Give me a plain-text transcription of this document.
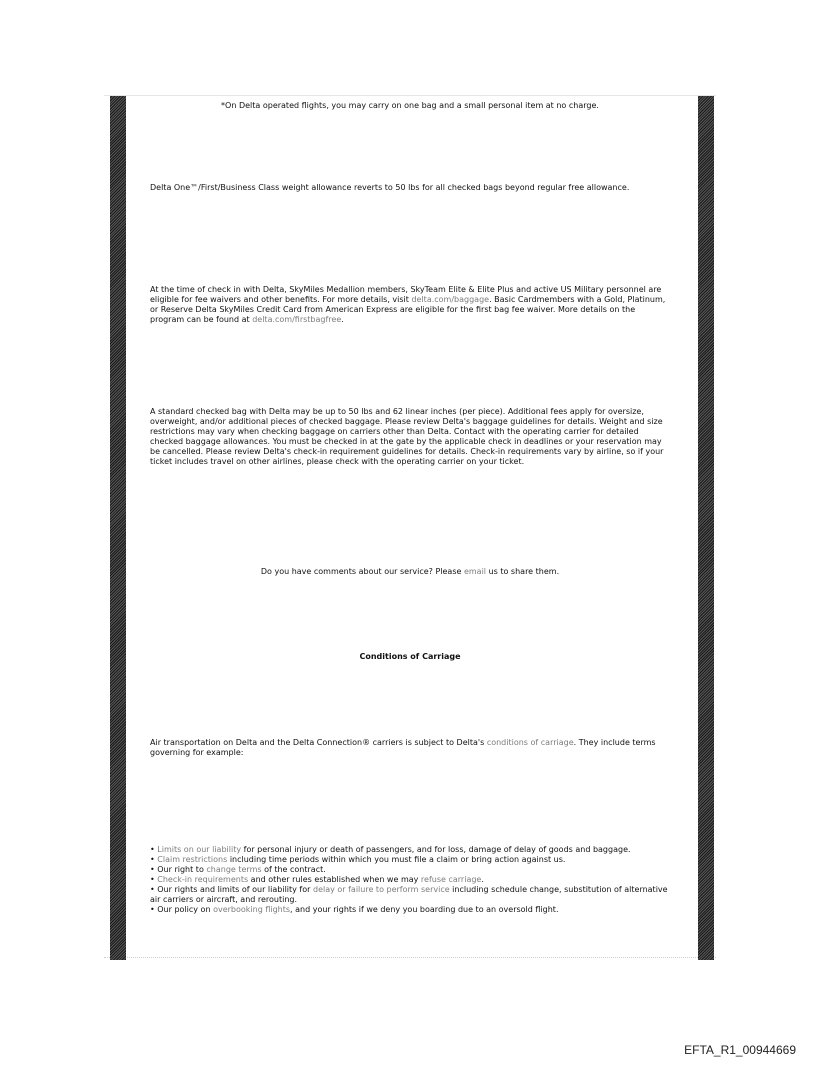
*On Delta operated flights, you may carry on one bag and a small personal item at no charge.
Delta One™/First/Business Class weight allowance reverts to 50 lbs for all checked bags beyond regular free allowance.
At the time of check in with Delta, SkyMiles Medallion members, SkyTeam Elite & Elite Plus and active US Military personnel are eligible for fee waivers and other benefits. For more details, visit delta.com/baggage. Basic Cardmembers with a Gold, Platinum, or Reserve Delta SkyMiles Credit Card from American Express are eligible for the first bag fee waiver. More details on the program can be found at delta.com/firstbagfree.
A standard checked bag with Delta may be up to 50 lbs and 62 linear inches (per piece). Additional fees apply for oversize, overweight, and/or additional pieces of checked baggage. Please review Delta's baggage guidelines for details. Weight and size restrictions may vary when checking baggage on carriers other than Delta. Contact with the operating carrier for detailed checked baggage allowances. You must be checked in at the gate by the applicable check in deadlines or your reservation may be cancelled. Please review Delta's check-in requirement guidelines for details. Check-in requirements vary by airline, so if your ticket includes travel on other airlines, please check with the operating carrier on your ticket.
Do you have comments about our service? Please email us to share them.
Conditions of Carriage
Air transportation on Delta and the Delta Connection® carriers is subject to Delta's conditions of carriage. They include terms governing for example:

• Limits on our liability for personal injury or death of passengers, and for loss, damage of delay of goods and baggage.

• Claim restrictions including time periods within which you must file a claim or bring action against us.

• Our right to change terms of the contract.

• Check-in requirements and other rules established when we may refuse carriage.

• Our rights and limits of our liability for delay or failure to perform service including schedule change, substitution of alternative air carriers or aircraft, and rerouting.

• Our policy on overbooking flights, and your rights if we deny you boarding due to an oversold flight.

EFTA_R1_00944669
